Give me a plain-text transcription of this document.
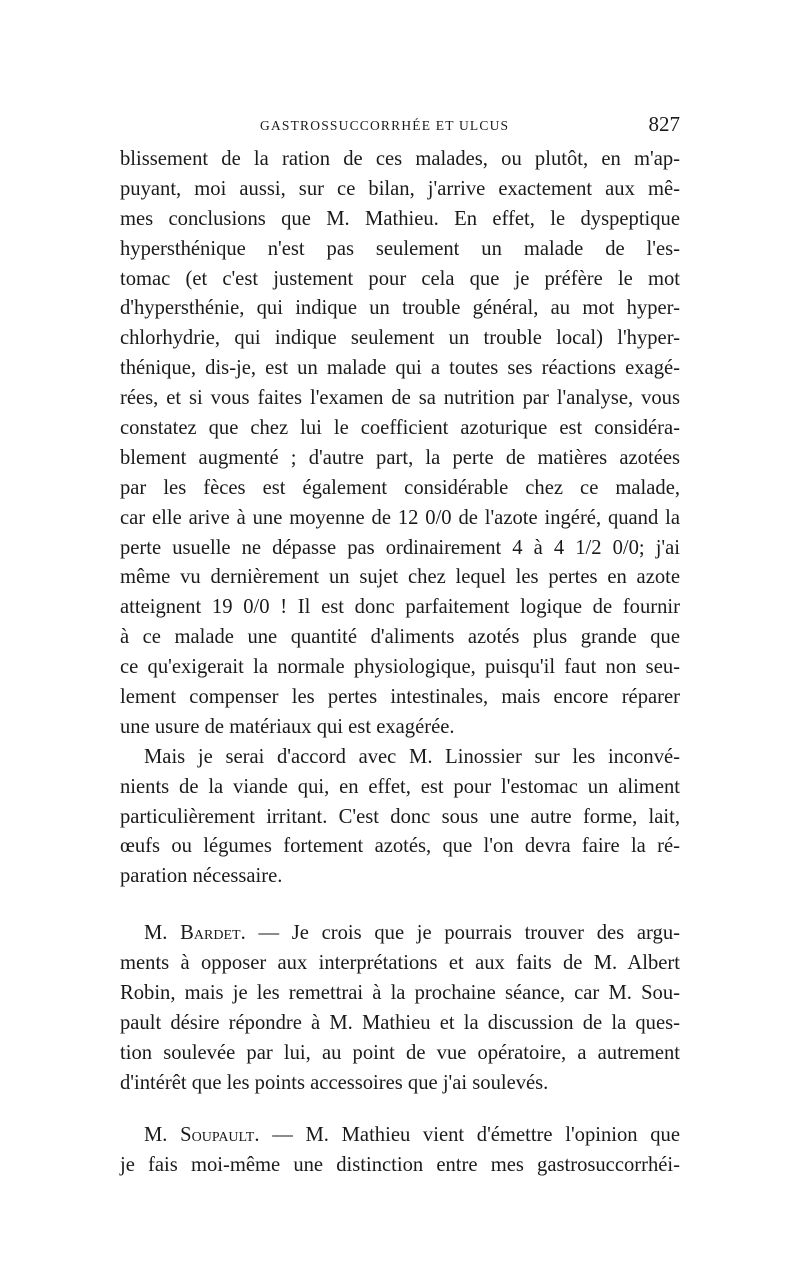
GASTROSSUCCORRHÉE ET ULCUS	827
blissement de la ration de ces malades, ou plutôt, en m'ap-
puyant, moi aussi, sur ce bilan, j'arrive exactement aux mê-
mes conclusions que M. Mathieu. En effet, le dyspeptique
hypersthénique n'est pas seulement un malade de l'es-
tomac (et c'est justement pour cela que je préfère le mot
d'hypersthénie, qui indique un trouble général, au mot hyper-
chlorhydrie, qui indique seulement un trouble local) l'hyper-
thénique, dis-je, est un malade qui a toutes ses réactions exagé-
rées, et si vous faites l'examen de sa nutrition par l'analyse, vous
constatez que chez lui le coefficient azoturique est considéra-
blement augmenté ; d'autre part, la perte de matières azotées
par les fèces est également considérable chez ce malade,
car elle arive à une moyenne de 12 0/0 de l'azote ingéré, quand la
perte usuelle ne dépasse pas ordinairement 4 à 4 1/2 0/0; j'ai
même vu dernièrement un sujet chez lequel les pertes en azote
atteignent 19 0/0 ! Il est donc parfaitement logique de fournir
à ce malade une quantité d'aliments azotés plus grande que
ce qu'exigerait la normale physiologique, puisqu'il faut non seu-
lement compenser les pertes intestinales, mais encore réparer
une usure de matériaux qui est exagérée.
Mais je serai d'accord avec M. Linossier sur les inconvé-
nients de la viande qui, en effet, est pour l'estomac un aliment
particulièrement irritant. C'est donc sous une autre forme, lait,
œufs ou légumes fortement azotés, que l'on devra faire la ré-
paration nécessaire.
M. Bardet. — Je crois que je pourrais trouver des argu-
ments à opposer aux interprétations et aux faits de M. Albert
Robin, mais je les remettrai à la prochaine séance, car M. Sou-
pault désire répondre à M. Mathieu et la discussion de la ques-
tion soulevée par lui, au point de vue opératoire, a autrement
d'intérêt que les points accessoires que j'ai soulevés.
M. Soupault. — M. Mathieu vient d'émettre l'opinion que
je fais moi-même une distinction entre mes gastrosuccorrhéi-
